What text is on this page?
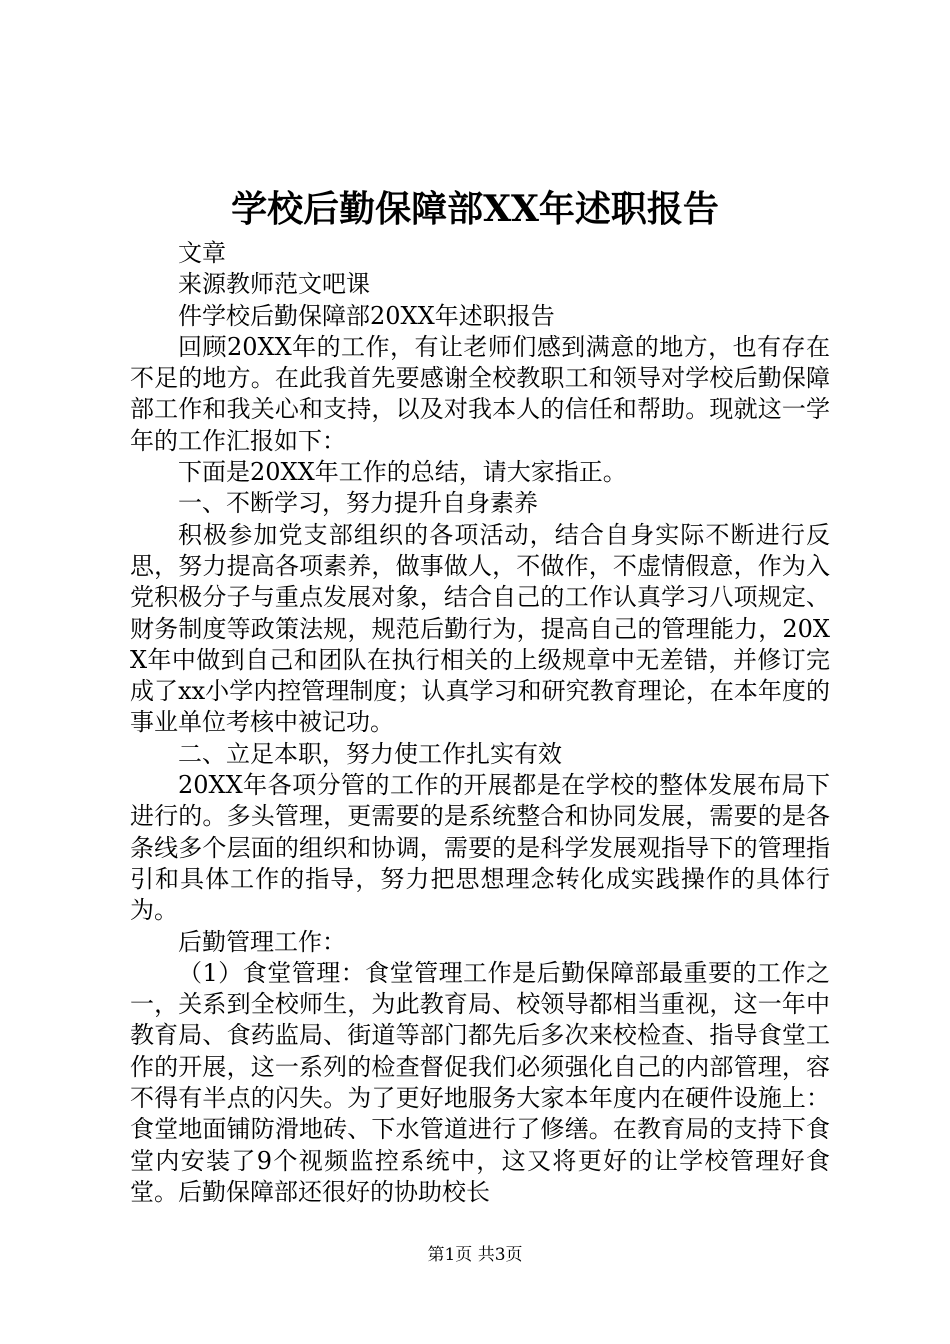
学校后勤保障部XX年述职报告

文章

来源教师范文吧课

件学校后勤保障部20XX年述职报告

回顾20XX年的工作，有让老师们感到满意的地方，也有存在不足的地方。在此我首先要感谢全校教职工和领导对学校后勤保障部工作和我关心和支持，以及对我本人的信任和帮助。现就这一学年的工作汇报如下：

下面是20XX年工作的总结，请大家指正。

一、不断学习，努力提升自身素养

积极参加党支部组织的各项活动，结合自身实际不断进行反思，努力提高各项素养，做事做人，不做作，不虚情假意，作为入党积极分子与重点发展对象，结合自己的工作认真学习八项规定、财务制度等政策法规，规范后勤行为，提高自己的管理能力，20XX年中做到自己和团队在执行相关的上级规章中无差错，并修订完成了xx小学内控管理制度；认真学习和研究教育理论，在本年度的事业单位考核中被记功。

二、立足本职，努力使工作扎实有效

20XX年各项分管的工作的开展都是在学校的整体发展布局下进行的。多头管理，更需要的是系统整合和协同发展，需要的是各条线多个层面的组织和协调，需要的是科学发展观指导下的管理指引和具体工作的指导，努力把思想理念转化成实践操作的具体行为。

后勤管理工作：

（1）食堂管理：食堂管理工作是后勤保障部最重要的工作之一，关系到全校师生，为此教育局、校领导都相当重视，这一年中教育局、食药监局、街道等部门都先后多次来校检查、指导食堂工作的开展，这一系列的检查督促我们必须强化自己的内部管理，容不得有半点的闪失。为了更好地服务大家本年度内在硬件设施上：食堂地面铺防滑地砖、下水管道进行了修缮。在教育局的支持下食堂内安装了9个视频监控系统中，这又将更好的让学校管理好食堂。后勤保障部还很好的协助校长

第1页 共3页
